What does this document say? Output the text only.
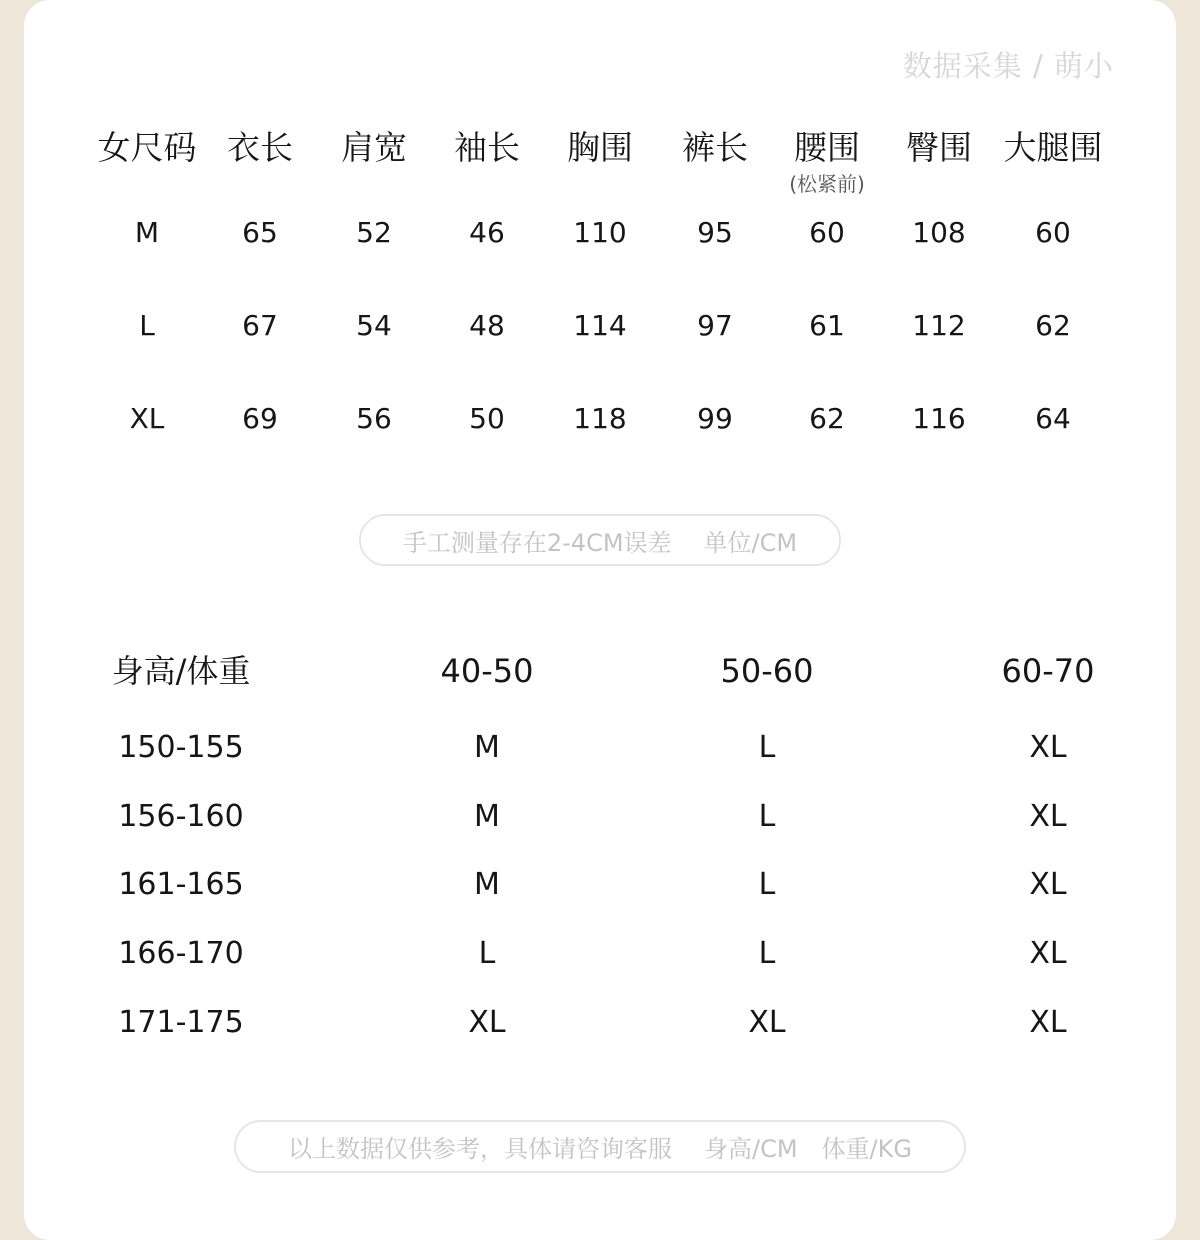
数据采集 / 萌小
女尺码 衣长 肩宽 袖长 胸围 裤长 腰围 臀围 大腿围
(松紧前)
M	65	52	46 110	95	60 108 60
L	67	54	48 114	97	61 112 62
XL	69	56	50 118	99	62 116 64
手工测量存在2-4CM误差 单位/CM
身高/体重	40-50	50-60	60-70
150-155	M	L	XL
156-160	M	L	XL
161-165	M	L	XL
166-170	L	L	XL
171-175	XL	XL	XL
以上数据仅供参考，具体请咨询客服 身高/CM 体重/KG
